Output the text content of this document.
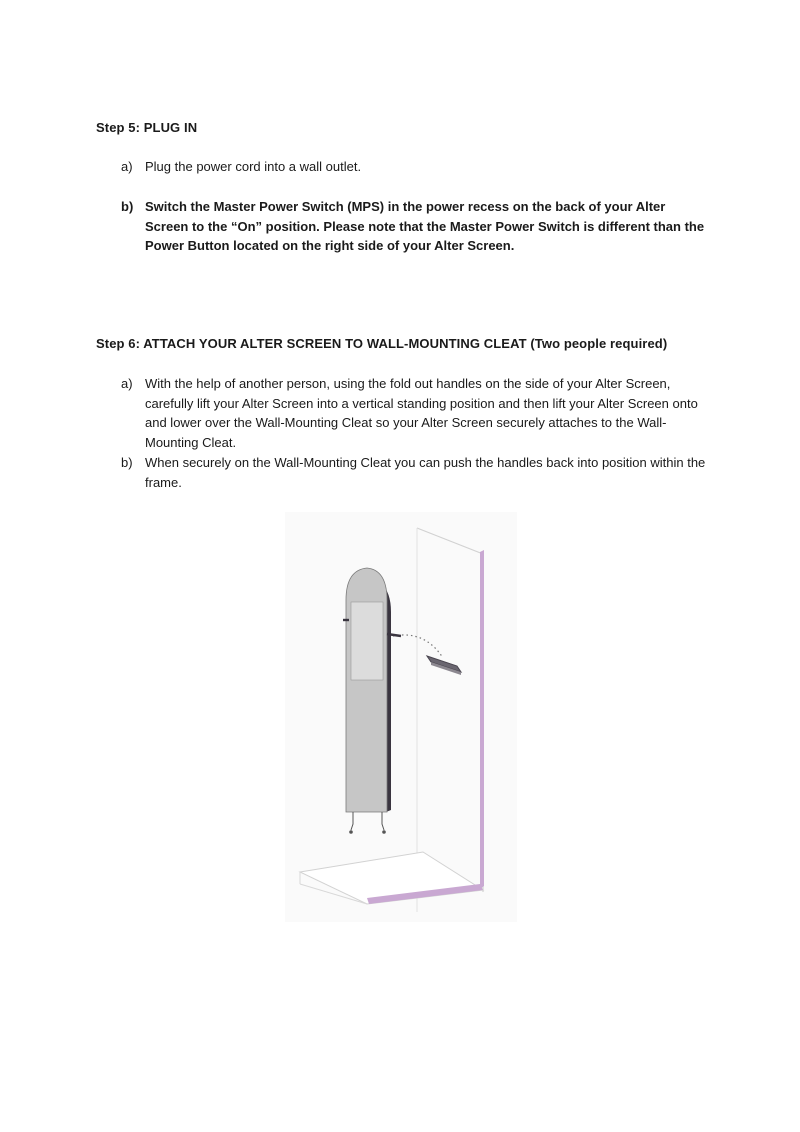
Step 5: PLUG IN
a) Plug the power cord into a wall outlet.
b) Switch the Master Power Switch (MPS) in the power recess on the back of your Alter Screen to the “On” position. Please note that the Master Power Switch is different than the Power Button located on the right side of your Alter Screen.
Step 6: ATTACH YOUR ALTER SCREEN TO WALL-MOUNTING CLEAT (Two people required)
a) With the help of another person, using the fold out handles on the side of your Alter Screen, carefully lift your Alter Screen into a vertical standing position and then lift your Alter Screen onto and lower over the Wall-Mounting Cleat so your Alter Screen securely attaches to the Wall-Mounting Cleat.
b) When securely on the Wall-Mounting Cleat you can push the handles back into position within the frame.
